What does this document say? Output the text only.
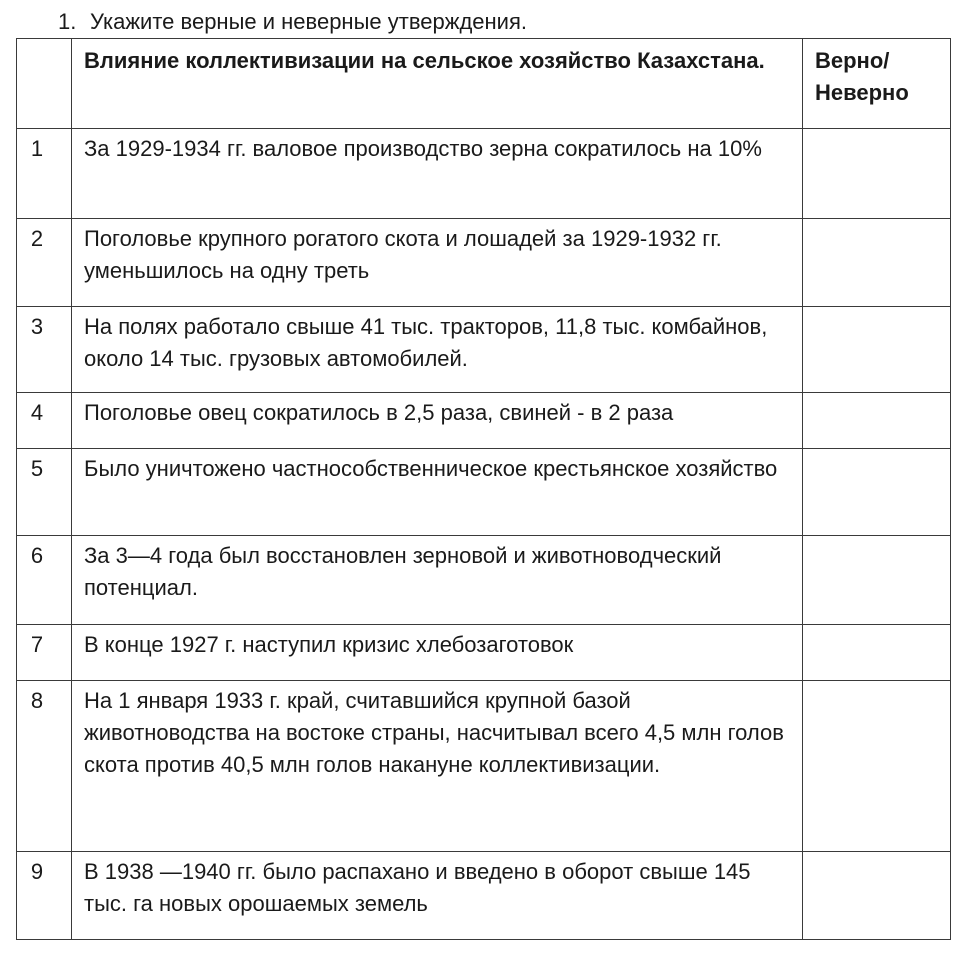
1. Укажите верные и неверные утверждения.
	Влияние коллективизации на сельское хозяйство Казахстана.	Верно/
Неверно
1	За 1929-1934 гг. валовое производство зерна сократилось на 10%	
2	Поголовье крупного рогатого скота и лошадей за 1929-1932 гг. уменьшилось на одну треть	
3	На полях работало свыше 41 тыс. тракторов, 11,8 тыс. комбайнов, около 14 тыс. грузовых автомобилей.	
4	Поголовье овец сократилось в 2,5 раза, свиней - в 2 раза	
5	Было уничтожено частнособственническое крестьянское хозяйство	
6	За 3—4 года был восстановлен зерновой и животноводческий потенциал.	
7	В конце 1927 г. наступил кризис хлебозаготовок	
8	На 1 января 1933 г. край, считавшийся крупной базой животноводства на востоке страны, насчитывал всего 4,5 млн голов скота против 40,5 млн голов накануне коллективизации.	
9	В 1938 —1940 гг. было распахано и введено в оборот свыше 145 тыс. га новых орошаемых земель	
